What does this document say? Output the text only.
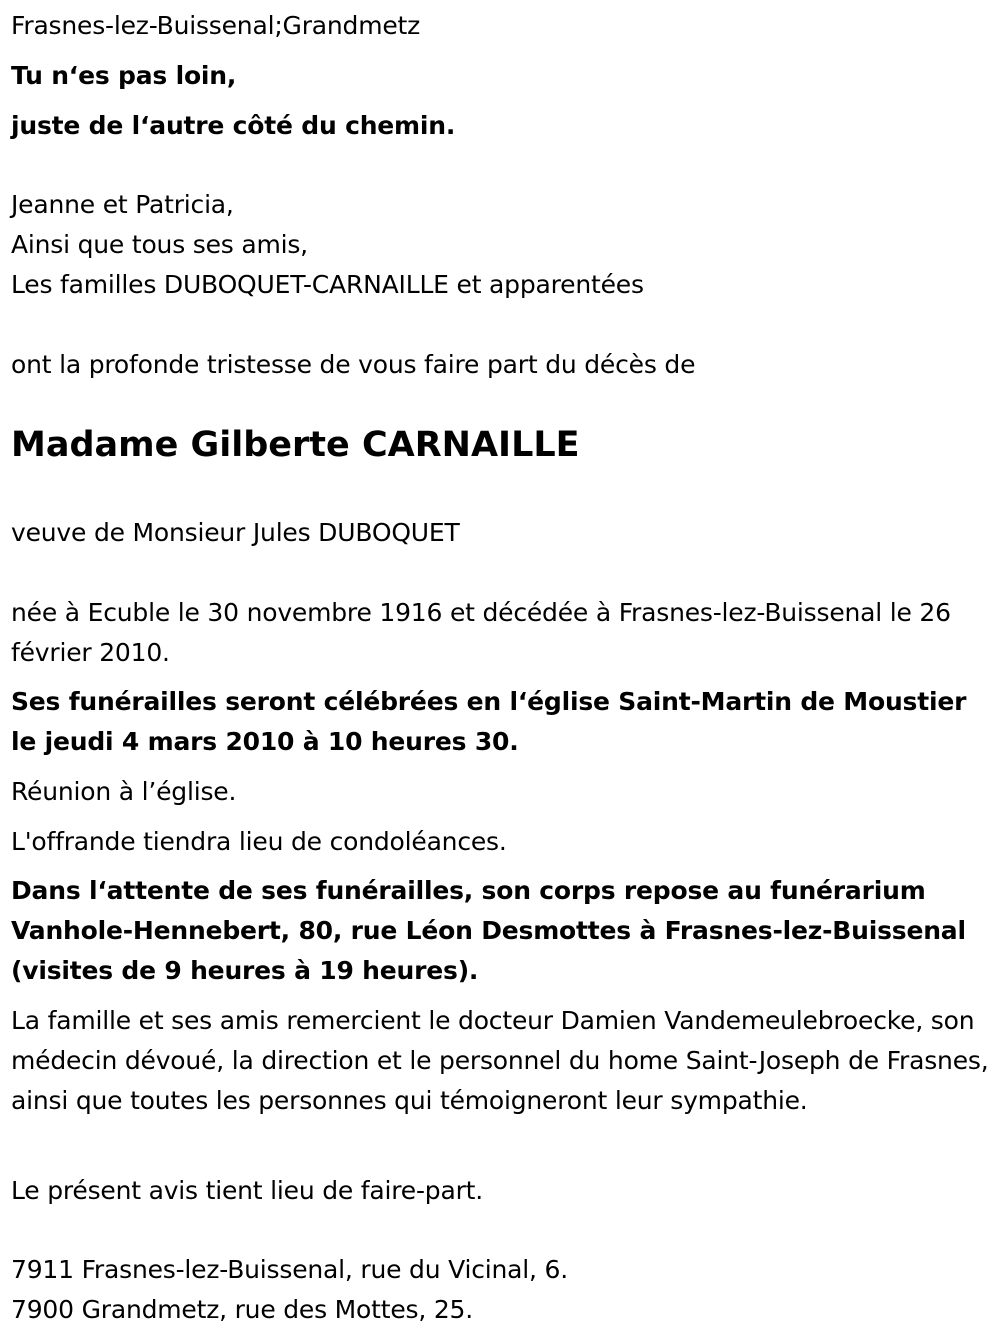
Frasnes-lez-Buissenal;Grandmetz

Tu n‘es pas loin,

juste de l‘autre côté du chemin.

Jeanne et Patricia,

Ainsi que tous ses amis,

Les familles DUBOQUET-CARNAILLE et apparentées

ont la profonde tristesse de vous faire part du décès de

Madame Gilberte CARNAILLE

veuve de Monsieur Jules DUBOQUET

née à Ecuble le 30 novembre 1916 et décédée à Frasnes-lez-Buissenal le 26 février 2010.

Ses funérailles seront célébrées en l‘église Saint-Martin de Moustier le jeudi 4 mars 2010 à 10 heures 30.

Réunion à l’église.

L'offrande tiendra lieu de condoléances.

Dans l‘attente de ses funérailles, son corps repose au funérarium Vanhole-Hennebert, 80, rue Léon Desmottes à Frasnes-lez-Buissenal (visites de 9 heures à 19 heures).

La famille et ses amis remercient le docteur Damien Vandemeulebroecke, son médecin dévoué, la direction et le personnel du home Saint-Joseph de Frasnes, ainsi que toutes les personnes qui témoigneront leur sympathie.

Le présent avis tient lieu de faire-part.

7911 Frasnes-lez-Buissenal, rue du Vicinal, 6.

7900 Grandmetz, rue des Mottes, 25.
